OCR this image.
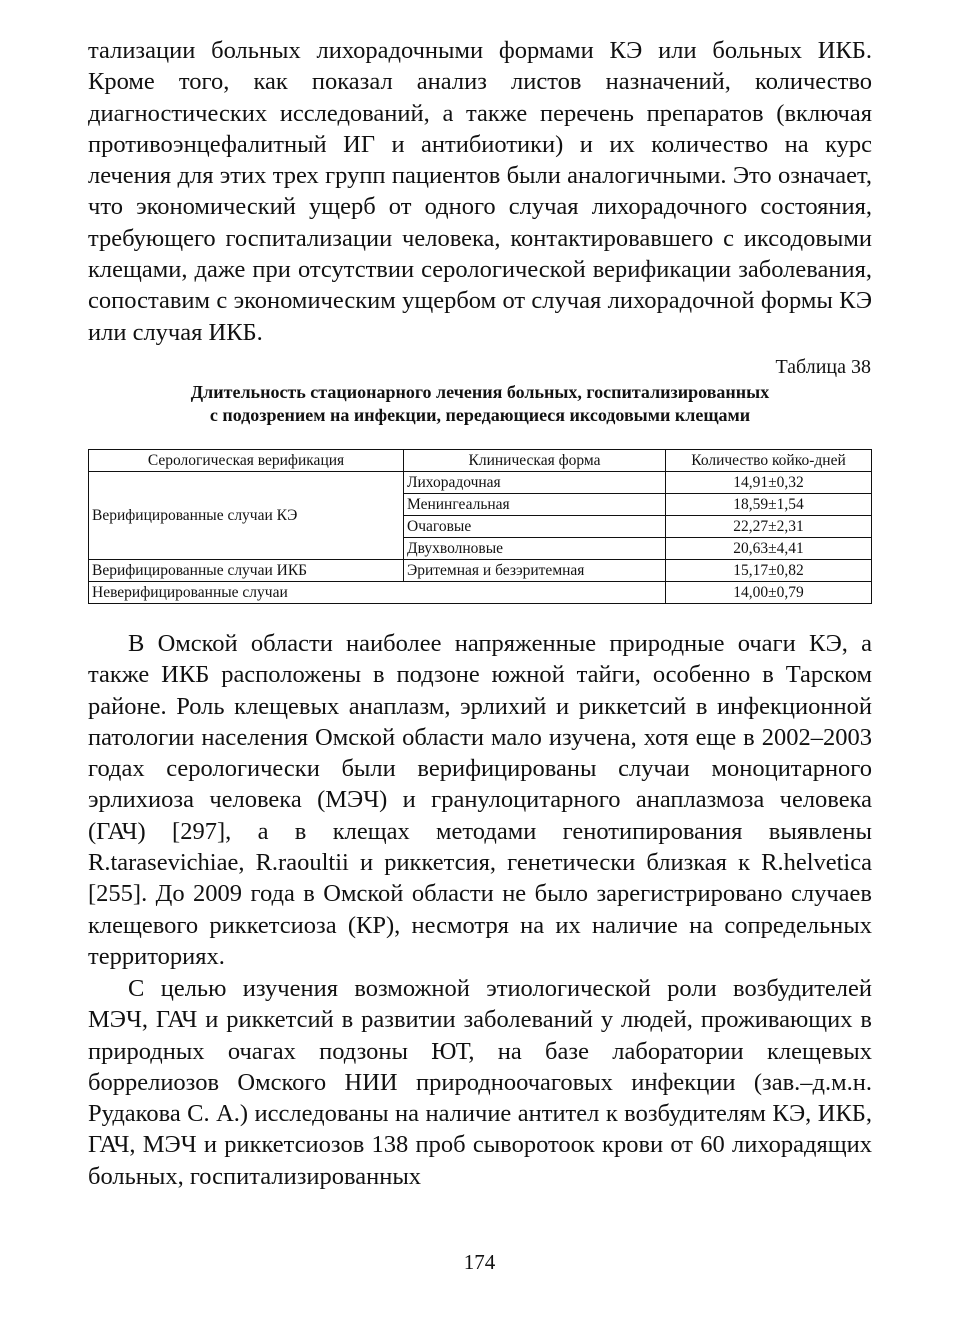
тализации больных лихорадочными формами КЭ или больных ИКБ. Кроме того, как показал анализ листов назначений, количество диагностических исследований, а также перечень препаратов (включая противоэнцефалитный ИГ и антибиотики) и их количество на курс лечения для этих трех групп пациентов были аналогичными. Это означает, что экономический ущерб от одного случая лихорадочного состояния, требующего госпитализации человека, контактировавшего с иксодовыми клещами, даже при отсутствии серологической верификации заболевания, сопоставим с экономическим ущербом от случая лихорадочной формы КЭ или случая ИКБ.

Таблица 38

Длительность стационарного лечения больных, госпитализированных
с подозрением на инфекции, передающиеся иксодовыми клещами
Серологическая верификация	Клиническая форма	Количество койко-дней
Верифицированные случаи КЭ	Лихорадочная	14,91±0,32
	Менингеальная	18,59±1,54
	Очаговые	22,27±2,31
	Двухволновые	20,63±4,41
Верифицированные случаи ИКБ	Эритемная и безэритемная	15,17±0,82
Неверифицированные случаи		14,00±0,79

В Омской области наиболее напряженные природные очаги КЭ, а также ИКБ расположены в подзоне южной тайги, особенно в Тарском районе. Роль клещевых анаплазм, эрлихий и риккетсий в инфекционной патологии населения Омской области мало изучена, хотя еще в 2002–2003 годах серологически были верифицированы случаи моноцитарного эрлихиоза человека (МЭЧ) и гранулоцитарного анаплазмоза человека (ГАЧ) [297], а в клещах методами генотипирования выявлены R.tarasevichiae, R.raoultii и риккетсия, генетически близкая к R.helvetica [255]. До 2009 года в Омской области не было зарегистрировано случаев клещевого риккетсиоза (КР), несмотря на их наличие на сопредельных территориях.

С целью изучения возможной этиологической роли возбудителей МЭЧ, ГАЧ и риккетсий в развитии заболеваний у людей, проживающих в природных очагах подзоны ЮТ, на базе лаборатории клещевых боррелиозов Омского НИИ природноочаговых инфекции (зав.–д.м.н. Рудакова С. А.) исследованы на наличие антител к возбудителям КЭ, ИКБ, ГАЧ, МЭЧ и риккетсиозов 138 проб сыворотоок крови от 60 лихорадящих больных, госпитализированных

174
